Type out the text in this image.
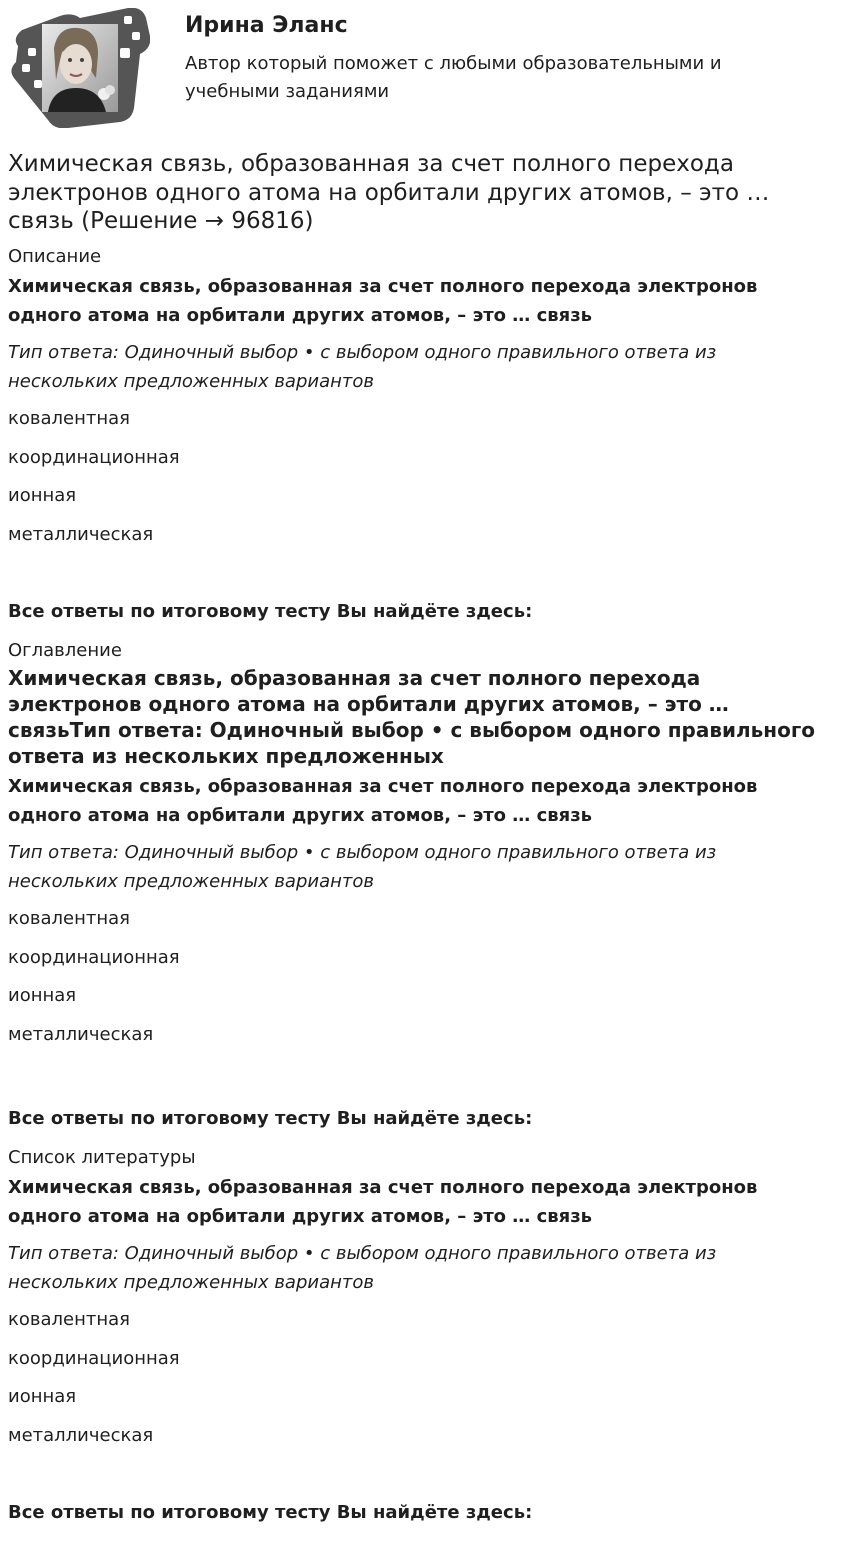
Ирина Эланс

Автор который поможет с любыми образовательными и учебными заданиями

Химическая связь, образованная за счет полного перехода электронов одного атома на орбитали других атомов, – это … связь (Решение → 96816)

Описание

Химическая связь, образованная за счет полного перехода электронов одного атома на орбитали других атомов, – это … связь

Тип ответа: Одиночный выбор • с выбором одного правильного ответа из нескольких предложенных вариантов

ковалентная
координационная
ионная
металлическая

Все ответы по итоговому тесту Вы найдёте здесь:

Оглавление

Химическая связь, образованная за счет полного перехода электронов одного атома на орбитали других атомов, – это … связьТип ответа: Одиночный выбор • с выбором одного правильного ответа из нескольких предложенных

Химическая связь, образованная за счет полного перехода электронов одного атома на орбитали других атомов, – это … связь

Тип ответа: Одиночный выбор • с выбором одного правильного ответа из нескольких предложенных вариантов

ковалентная
координационная
ионная
металлическая

Все ответы по итоговому тесту Вы найдёте здесь:

Список литературы

Химическая связь, образованная за счет полного перехода электронов одного атома на орбитали других атомов, – это … связь

Тип ответа: Одиночный выбор • с выбором одного правильного ответа из нескольких предложенных вариантов

ковалентная
координационная
ионная
металлическая

Все ответы по итоговому тесту Вы найдёте здесь:
